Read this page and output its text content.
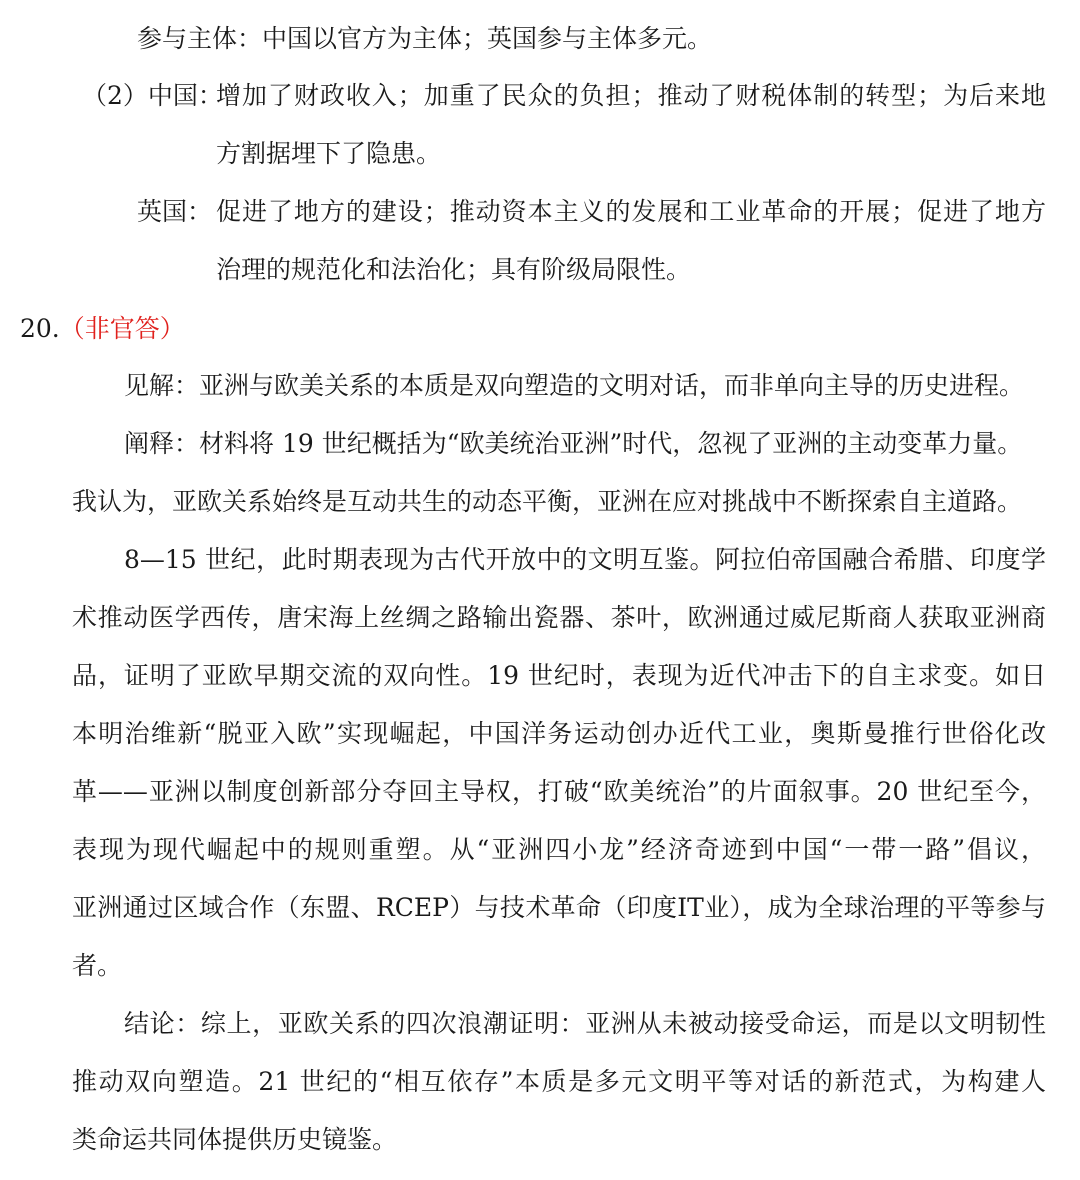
参与主体：中国以官方为主体；英国参与主体多元。
（2）中国：
增加了财政收入；加重了民众的负担；推动了财税体制的转型；为后来地
方割据埋下了隐患。
英国： 促进了地方的建设；推动资本主义的发展和工业革命的开展；促进了地方
治理的规范化和法治化；具有阶级局限性。
20.（非官答）
见解：亚洲与欧美关系的本质是双向塑造的文明对话，而非单向主导的历史进程。
阐释：材料将 19 世纪概括为“欧美统治亚洲”时代，忽视了亚洲的主动变革力量。
我认为，亚欧关系始终是互动共生的动态平衡，亚洲在应对挑战中不断探索自主道路。
8—15 世纪，此时期表现为古代开放中的文明互鉴。阿拉伯帝国融合希腊、印度学
术推动医学西传，唐宋海上丝绸之路输出瓷器、茶叶，欧洲通过威尼斯商人获取亚洲商
品，证明了亚欧早期交流的双向性。19 世纪时，表现为近代冲击下的自主求变。如日
本明治维新“脱亚入欧”实现崛起，中国洋务运动创办近代工业，奥斯曼推行世俗化改
革——亚洲以制度创新部分夺回主导权，打破“欧美统治”的片面叙事。20 世纪至今，
表现为现代崛起中的规则重塑。从“亚洲四小龙”经济奇迹到中国“一带一路”倡议，
亚洲通过区域合作（东盟、RCEP）与技术革命（印度IT业），成为全球治理的平等参与
者。
结论：综上，亚欧关系的四次浪潮证明：亚洲从未被动接受命运，而是以文明韧性
推动双向塑造。21 世纪的“相互依存”本质是多元文明平等对话的新范式，为构建人
类命运共同体提供历史镜鉴。
